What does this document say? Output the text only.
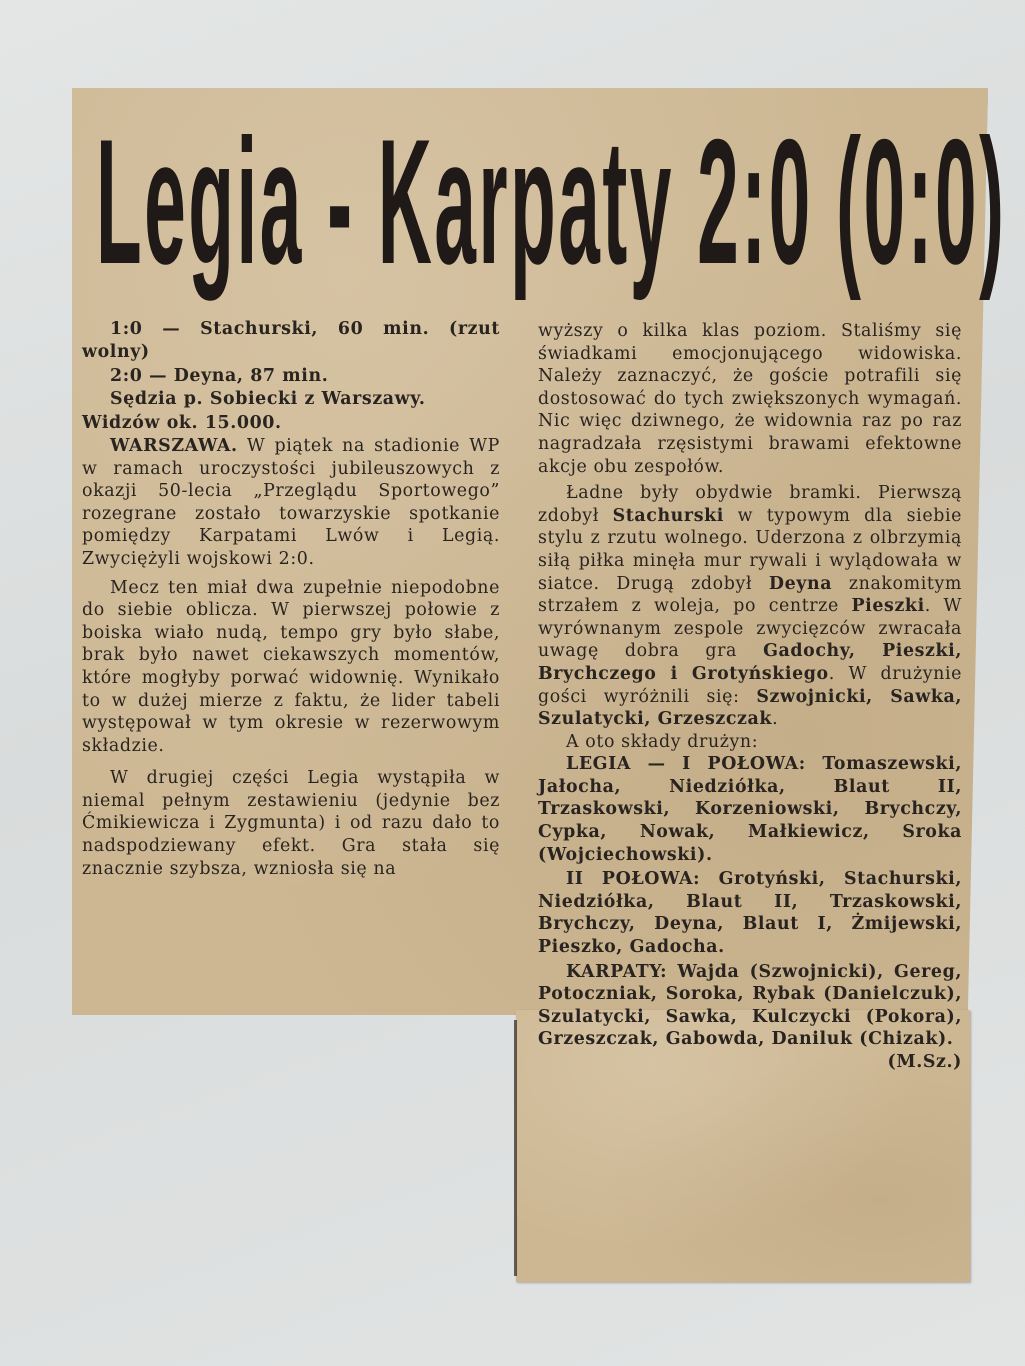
Legia - Karpaty 2:0 (0:0)

1:0 — Stachurski, 60 min. (rzut wolny)

2:0 — Deyna, 87 min.

Sędzia p. Sobiecki z Warszawy.

Widzów ok. 15.000.

WARSZAWA. W piątek na stadionie WP w ramach uroczystości jubileuszowych z okazji 50-lecia „Przeglądu Sportowego” rozegrane zostało towarzyskie spotkanie pomiędzy Karpatami Lwów i Legią. Zwyciężyli wojskowi 2:0.

Mecz ten miał dwa zupełnie niepodobne do siebie oblicza. W pierwszej połowie z boiska wiało nudą, tempo gry było słabe, brak było nawet ciekawszych momentów, które mogłyby porwać widownię. Wynikało to w dużej mierze z faktu, że lider tabeli występował w tym okresie w rezerwowym składzie.

W drugiej części Legia wystąpiła w niemal pełnym zestawieniu (jedynie bez Ćmikiewicza i Zygmunta) i od razu dało to nadspodziewany efekt. Gra stała się znacznie szybsza, wzniosła się na

wyższy o kilka klas poziom. Staliśmy się świadkami emocjonującego widowiska. Należy zaznaczyć, że goście potrafili się dostosować do tych zwiększonych wymagań. Nic więc dziwnego, że widownia raz po raz nagradzała rzęsistymi brawami efektowne akcje obu zespołów.

Ładne były obydwie bramki. Pierwszą zdobył Stachurski w typowym dla siebie stylu z rzutu wolnego. Uderzona z olbrzymią siłą piłka minęła mur rywali i wylądowała w siatce. Drugą zdobył Deyna znakomitym strzałem z woleja, po centrze Pieszki. W wyrównanym zespole zwycięzców zwracała uwagę dobra gra Gadochy, Pieszki, Brychczego i Grotyńskiego. W drużynie gości wyróżnili się: Szwojnicki, Sawka, Szulatycki, Grzeszczak.

A oto składy drużyn:

LEGIA — I POŁOWA: Tomaszewski, Jałocha, Niedziółka, Blaut II, Trzaskowski, Korzeniowski, Brychczy, Cypka, Nowak, Małkiewicz, Sroka (Wojciechowski).

II POŁOWA: Grotyński, Stachurski, Niedziółka, Blaut II, Trzaskowski, Brychczy, Deyna, Blaut I, Żmijewski, Pieszko, Gadocha.

KARPATY: Wajda (Szwojnicki), Gereg, Potoczniak, Soroka, Rybak (Danielczuk), Szulatycki, Sawka, Kulczycki (Pokora), Grzeszczak, Gabowda, Daniluk (Chizak).
(M.Sz.)
